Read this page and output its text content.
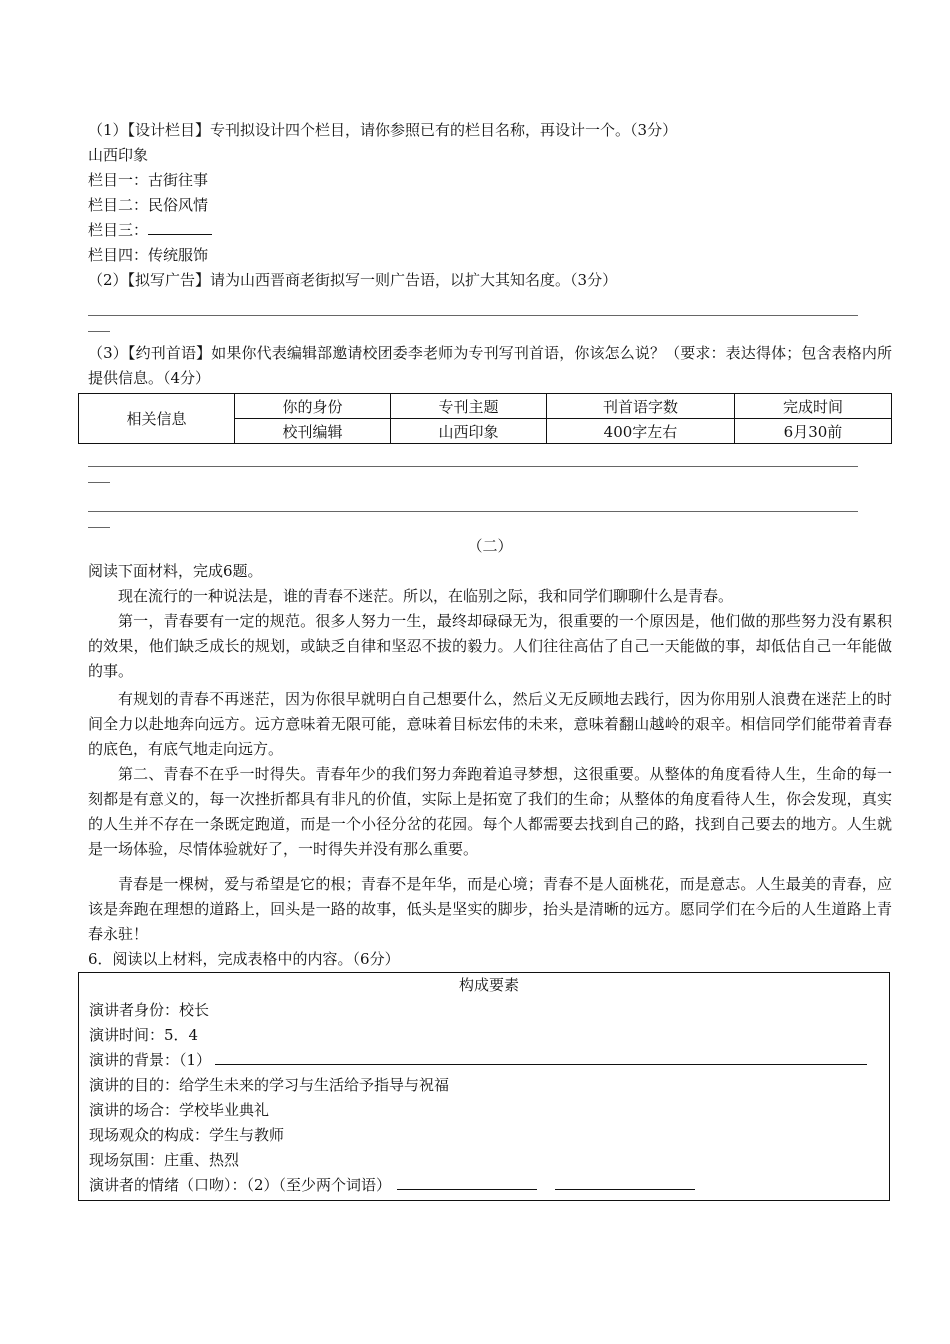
（1）【设计栏目】专刊拟设计四个栏目，请你参照已有的栏目名称，再设计一个。（3分）
山西印象
栏目一：古街往事
栏目二：民俗风情
栏目三：
栏目四：传统服饰
（2）【拟写广告】请为山西晋商老街拟写一则广告语，以扩大其知名度。（3分）
（3）【约刊首语】如果你代表编辑部邀请校团委李老师为专刊写刊首语，你该怎么说？（要求：表达得体；包含表格内所提供信息。（4分）
相关信息	你的身份	专刊主题	刊首语字数	完成时间
	校刊编辑	山西印象	400字左右	6月30前
（二）
阅读下面材料，完成6题。
现在流行的一种说法是，谁的青春不迷茫。所以，在临别之际，我和同学们聊聊什么是青春。
第一，青春要有一定的规范。很多人努力一生，最终却碌碌无为，很重要的一个原因是，他们做的那些努力没有累积的效果，他们缺乏成长的规划，或缺乏自律和坚忍不拔的毅力。人们往往高估了自己一天能做的事，却低估自己一年能做的事。
有规划的青春不再迷茫，因为你很早就明白自己想要什么，然后义无反顾地去践行，因为你用别人浪费在迷茫上的时间全力以赴地奔向远方。远方意味着无限可能，意味着目标宏伟的未来，意味着翻山越岭的艰辛。相信同学们能带着青春的底色，有底气地走向远方。
第二、青春不在乎一时得失。青春年少的我们努力奔跑着追寻梦想，这很重要。从整体的角度看待人生，生命的每一刻都是有意义的，每一次挫折都具有非凡的价值，实际上是拓宽了我们的生命；从整体的角度看待人生，你会发现，真实的人生并不存在一条既定跑道，而是一个小径分岔的花园。每个人都需要去找到自己的路，找到自己要去的地方。人生就是一场体验，尽情体验就好了，一时得失并没有那么重要。
青春是一棵树，爱与希望是它的根；青春不是年华，而是心境；青春不是人面桃花，而是意志。人生最美的青春，应该是奔跑在理想的道路上，回头是一路的故事，低头是坚实的脚步，抬头是清晰的远方。愿同学们在今后的人生道路上青春永驻！
6．阅读以上材料，完成表格中的内容。（6分）
构成要素
演讲者身份：校长
演讲时间：5．4
演讲的背景：（1）
演讲的目的：给学生未来的学习与生活给予指导与祝福
演讲的场合：学校毕业典礼
现场观众的构成：学生与教师
现场氛围：庄重、热烈
演讲者的情绪（口吻）：（2）（至少两个词语）
